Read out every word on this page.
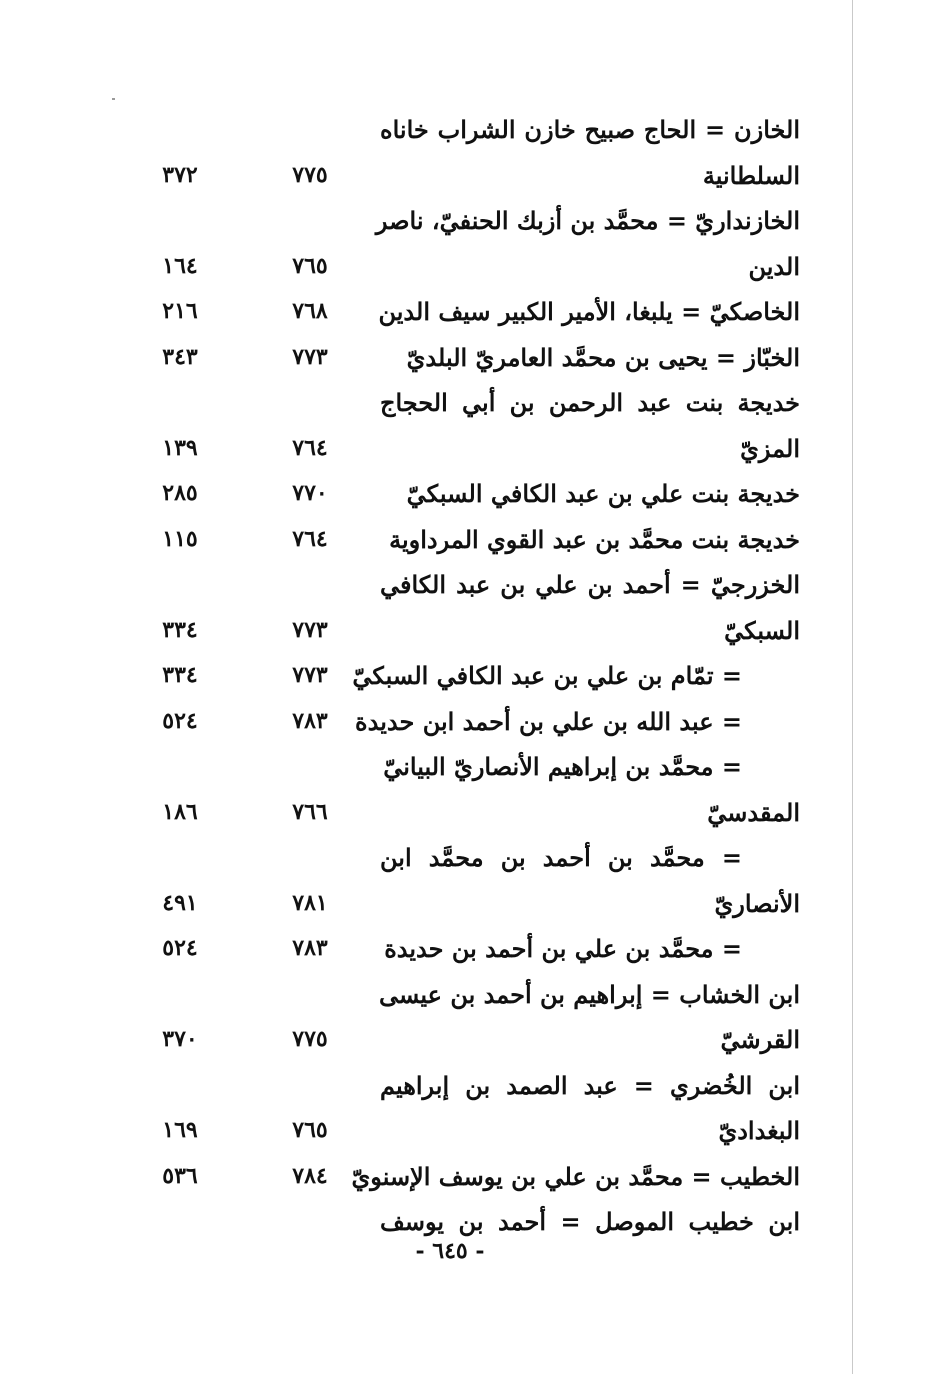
الخازن = الحاج صبيح خازن الشراب خاناه
السلطانية
٧٧٥
٣٧٢
الخازنداريّ = محمَّد بن أزبك الحنفيّ، ناصر
الدين
٧٦٥
١٦٤
الخاصكيّ = يلبغا، الأمير الكبير سيف الدين
٧٦٨
٢١٦
الخبّاز = يحيى بن محمَّد العامريّ البلديّ
٧٧٣
٣٤٣
خديجة بنت عبد الرحمن بن أبي الحجاج
المزيّ
٧٦٤
١٣٩
خديجة بنت علي بن عبد الكافي السبكيّ
٧٧٠
٢٨٥
خديجة بنت محمَّد بن عبد القوي المرداوية
٧٦٤
١١٥
الخزرجيّ = أحمد بن علي بن عبد الكافي
السبكيّ
٧٧٣
٣٣٤
= تمّام بن علي بن عبد الكافي السبكيّ
٧٧٣
٣٣٤
= عبد الله بن علي بن أحمد ابن حديدة
٧٨٣
٥٢٤
= محمَّد بن إبراهيم الأنصاريّ البيانيّ
المقدسيّ
٧٦٦
١٨٦
= محمَّد بن أحمد بن محمَّد ابن
الأنصاريّ
٧٨١
٤٩١
= محمَّد بن علي بن أحمد بن حديدة
٧٨٣
٥٢٤
ابن الخشاب = إبراهيم بن أحمد بن عيسى
القرشيّ
٧٧٥
٣٧٠
ابن الخُضري = عبد الصمد بن إبراهيم
البغداديّ
٧٦٥
١٦٩
الخطيب = محمَّد بن علي بن يوسف الإسنويّ
٧٨٤
٥٣٦
ابن خطيب الموصل = أحمد بن يوسف
- ٦٤٥ -
